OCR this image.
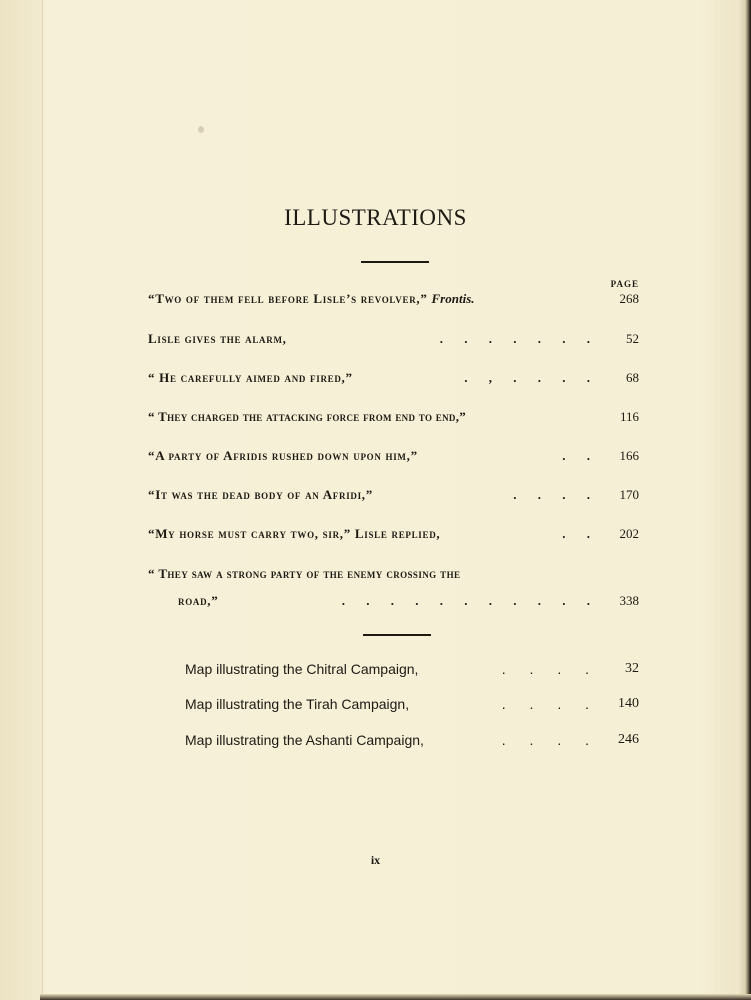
ILLUSTRATIONS
PAGE
“Two of them fell before Lisle’s revolver,” Frontis.	268
Lisle gives the alarm,	. . . . . . . 52
“ He carefully aimed and fired,”	. , . . . . 68
“ They charged the attacking force from end to end,”	116
“A party of Afridis rushed down upon him,”	. . 166
“It was the dead body of an Afridi,”	. . . . 170
“My horse must carry two, sir,” Lisle replied,	. . 202
“ They saw a strong party of the enemy crossing the
road,”	. . . . . . . . . . . 338
Map illustrating the Chitral Campaign,	. . . . 32
Map illustrating the Tirah Campaign,	. . . . 140
Map illustrating the Ashanti Campaign,	. . . . 246
ix
